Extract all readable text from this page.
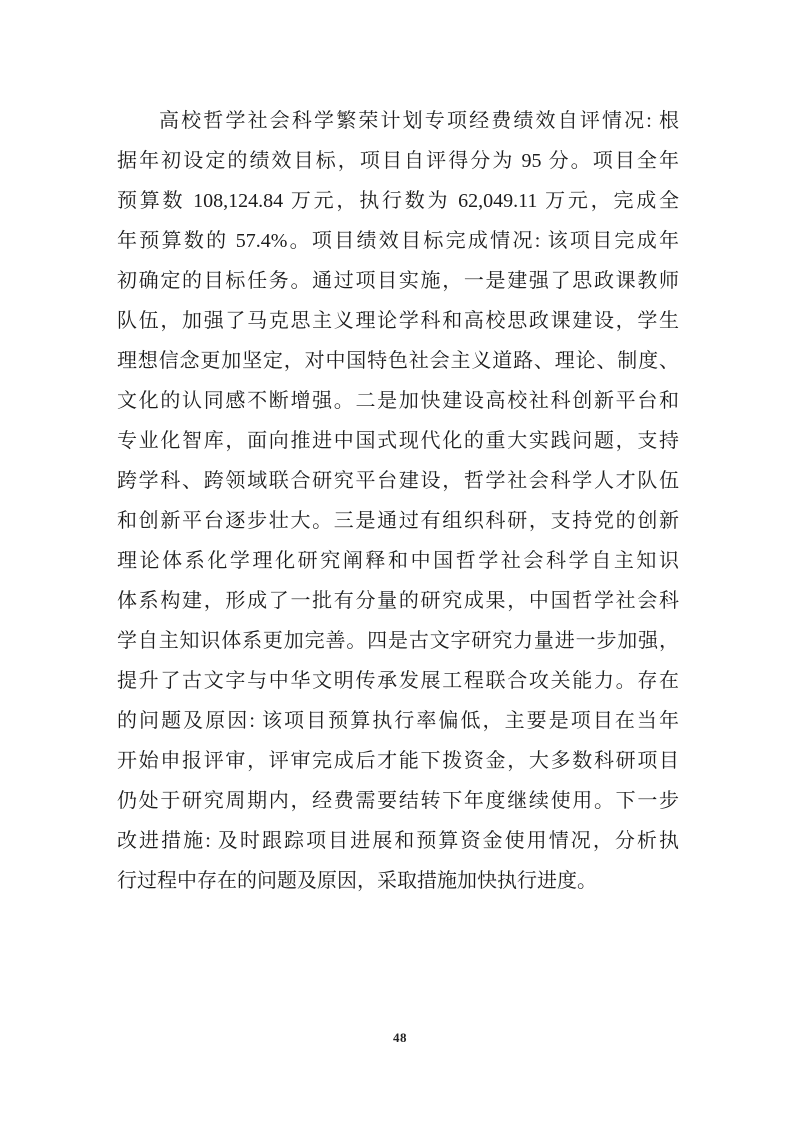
高校哲学社会科学繁荣计划专项经费绩效自评情况: 根
据年初设定的绩效目标，项目自评得分为 95 分。项目全年
预算数 108,124.84 万元，执行数为 62,049.11 万元，完成全
年预算数的 57.4%。项目绩效目标完成情况: 该项目完成年
初确定的目标任务。通过项目实施，一是建强了思政课教师
队伍，加强了马克思主义理论学科和高校思政课建设，学生
理想信念更加坚定，对中国特色社会主义道路、理论、制度、
文化的认同感不断增强。二是加快建设高校社科创新平台和
专业化智库，面向推进中国式现代化的重大实践问题，支持
跨学科、跨领域联合研究平台建设，哲学社会科学人才队伍
和创新平台逐步壮大。三是通过有组织科研，支持党的创新
理论体系化学理化研究阐释和中国哲学社会科学自主知识
体系构建，形成了一批有分量的研究成果，中国哲学社会科
学自主知识体系更加完善。四是古文字研究力量进一步加强，
提升了古文字与中华文明传承发展工程联合攻关能力。存在
的问题及原因: 该项目预算执行率偏低，主要是项目在当年
开始申报评审，评审完成后才能下拨资金，大多数科研项目
仍处于研究周期内，经费需要结转下年度继续使用。下一步
改进措施: 及时跟踪项目进展和预算资金使用情况，分析执
行过程中存在的问题及原因，采取措施加快执行进度。
48
